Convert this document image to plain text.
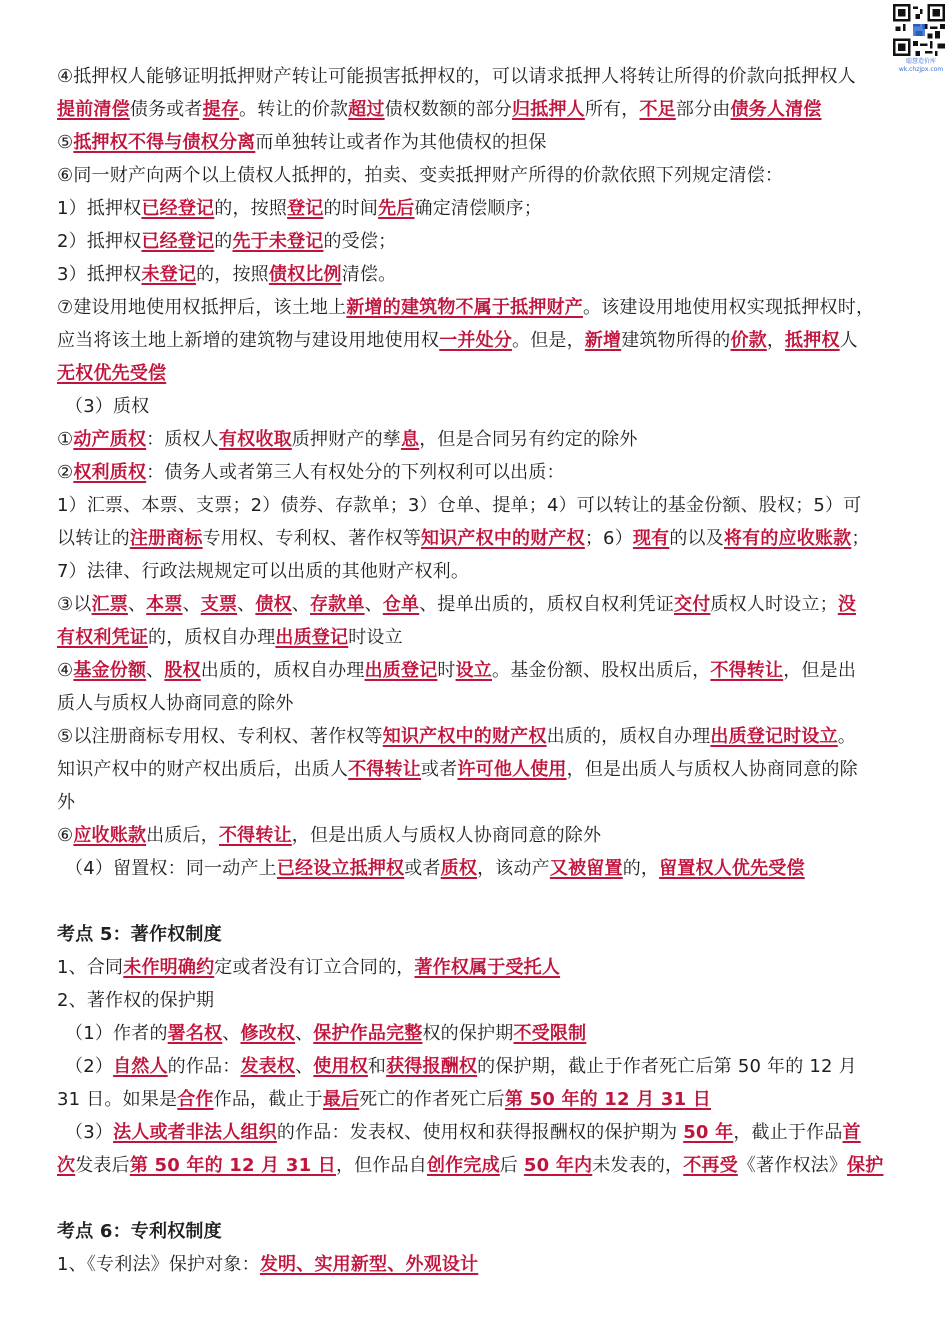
聪慧造价库
wk.chzjpx.com
④抵押权人能够证明抵押财产转让可能损害抵押权的，可以请求抵押人将转让所得的价款向抵押权人
提前清偿债务或者提存。转让的价款超过债权数额的部分归抵押人所有，不足部分由债务人清偿
⑤抵押权不得与债权分离而单独转让或者作为其他债权的担保
⑥同一财产向两个以上债权人抵押的，拍卖、变卖抵押财产所得的价款依照下列规定清偿：
1）抵押权已经登记的，按照登记的时间先后确定清偿顺序；
2）抵押权已经登记的先于未登记的受偿；
3）抵押权未登记的，按照债权比例清偿。
⑦建设用地使用权抵押后，该土地上新增的建筑物不属于抵押财产。该建设用地使用权实现抵押权时，
应当将该土地上新增的建筑物与建设用地使用权一并处分。但是，新增建筑物所得的价款，抵押权人
无权优先受偿
（3）质权
①动产质权：质权人有权收取质押财产的孳息，但是合同另有约定的除外
②权利质权：债务人或者第三人有权处分的下列权利可以出质：
1）汇票、本票、支票；2）债券、存款单；3）仓单、提单；4）可以转让的基金份额、股权；5）可
以转让的注册商标专用权、专利权、著作权等知识产权中的财产权；6）现有的以及将有的应收账款；
7）法律、行政法规规定可以出质的其他财产权利。
③以汇票、本票、支票、债权、存款单、仓单、提单出质的，质权自权利凭证交付质权人时设立；没
有权利凭证的，质权自办理出质登记时设立
④基金份额、股权出质的，质权自办理出质登记时设立。基金份额、股权出质后，不得转让，但是出
质人与质权人协商同意的除外
⑤以注册商标专用权、专利权、著作权等知识产权中的财产权出质的，质权自办理出质登记时设立。
知识产权中的财产权出质后，出质人不得转让或者许可他人使用，但是出质人与质权人协商同意的除
外
⑥应收账款出质后，不得转让，但是出质人与质权人协商同意的除外
（4）留置权：同一动产上已经设立抵押权或者质权，该动产又被留置的，留置权人优先受偿
考点 5：著作权制度
1、合同未作明确约定或者没有订立合同的，著作权属于受托人
2、著作权的保护期
（1）作者的署名权、修改权、保护作品完整权的保护期不受限制
（2）自然人的作品：发表权、使用权和获得报酬权的保护期，截止于作者死亡后第 50 年的 12 月
31 日。如果是合作作品，截止于最后死亡的作者死亡后第 50 年的 12 月 31 日
（3）法人或者非法人组织的作品：发表权、使用权和获得报酬权的保护期为 50 年，截止于作品首
次发表后第 50 年的 12 月 31 日，但作品自创作完成后 50 年内未发表的，不再受《著作权法》保护
考点 6：专利权制度
1、《专利法》保护对象：发明、实用新型、外观设计
